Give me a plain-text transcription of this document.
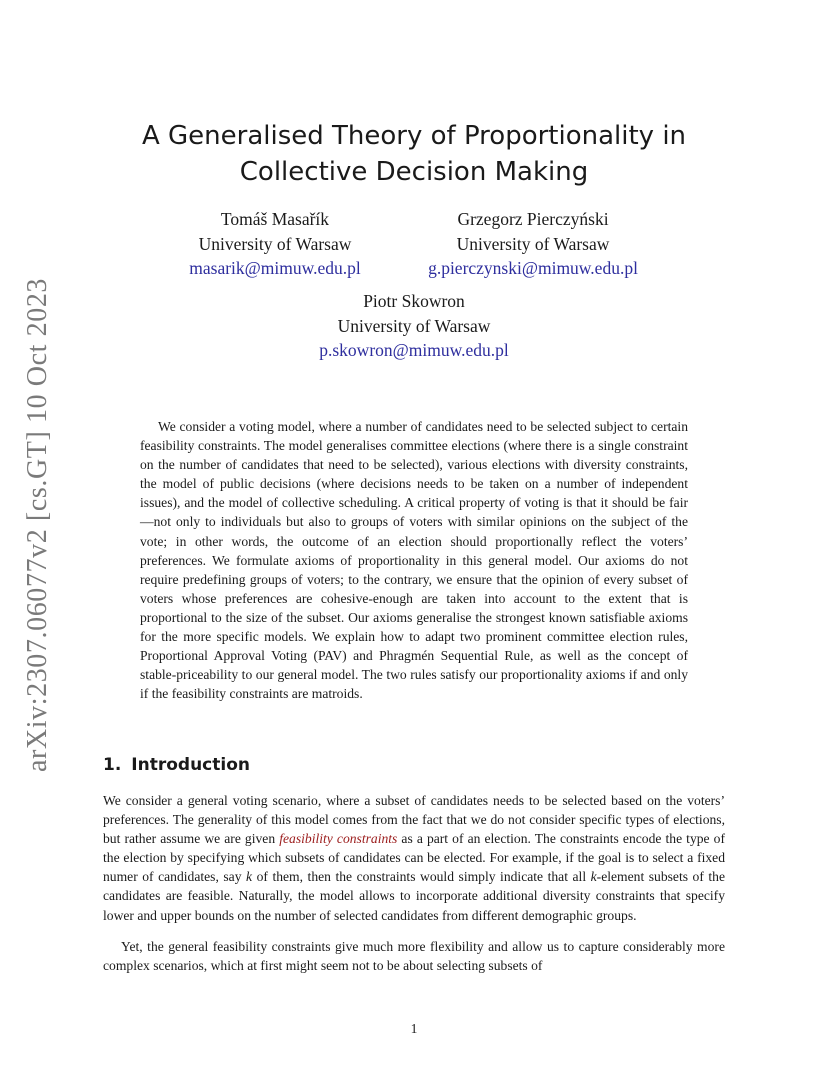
arXiv:2307.06077v2 [cs.GT] 10 Oct 2023
A Generalised Theory of Proportionality in
Collective Decision Making
Tomáš Masařík
University of Warsaw
masarik@mimuw.edu.pl
Grzegorz Pierczyński
University of Warsaw
g.pierczynski@mimuw.edu.pl
Piotr Skowron
University of Warsaw
p.skowron@mimuw.edu.pl

We consider a voting model, where a number of candidates need to be selected subject to certain feasibility constraints. The model generalises committee elections (where there is a single constraint on the number of candidates that need to be selected), various elections with diversity constraints, the model of public decisions (where decisions needs to be taken on a number of independent issues), and the model of collective scheduling. A critical property of voting is that it should be fair—not only to individuals but also to groups of voters with similar opinions on the subject of the vote; in other words, the outcome of an election should proportionally reflect the voters’ preferences. We formulate axioms of proportionality in this general model. Our axioms do not require predefining groups of voters; to the contrary, we ensure that the opinion of every subset of voters whose preferences are cohesive-enough are taken into account to the extent that is proportional to the size of the subset. Our axioms generalise the strongest known satisfiable axioms for the more specific models. We explain how to adapt two prominent committee election rules, Proportional Approval Voting (PAV) and Phragmén Sequential Rule, as well as the concept of stable-priceability to our general model. The two rules satisfy our proportionality axioms if and only if the feasibility constraints are matroids.

1. Introduction

We consider a general voting scenario, where a subset of candidates needs to be selected based on the voters’ preferences. The generality of this model comes from the fact that we do not consider specific types of elections, but rather assume we are given feasibility constraints as a part of an election. The constraints encode the type of the election by specifying which subsets of candidates can be elected. For example, if the goal is to select a fixed numer of candidates, say k of them, then the constraints would simply indicate that all k-element subsets of the candidates are feasible. Naturally, the model allows to incorporate additional diversity constraints that specify lower and upper bounds on the number of selected candidates from different demographic groups.

Yet, the general feasibility constraints give much more flexibility and allow us to capture considerably more complex scenarios, which at first might seem not to be about selecting subsets of

1
